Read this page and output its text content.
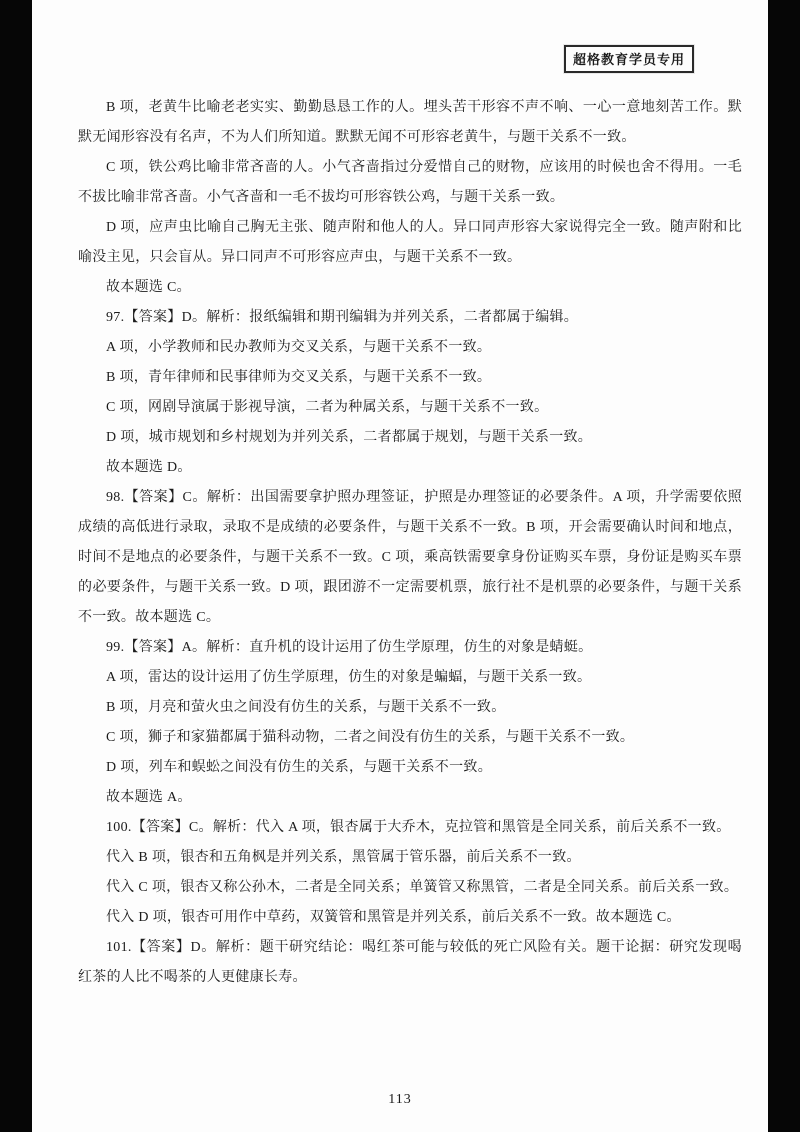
超格教育学员专用

B 项，老黄牛比喻老老实实、勤勤恳恳工作的人。埋头苦干形容不声不响、一心一意地刻苦工作。默默无闻形容没有名声，不为人们所知道。默默无闻不可形容老黄牛，与题干关系不一致。

C 项，铁公鸡比喻非常吝啬的人。小气吝啬指过分爱惜自己的财物，应该用的时候也舍不得用。一毛不拔比喻非常吝啬。小气吝啬和一毛不拔均可形容铁公鸡，与题干关系一致。

D 项，应声虫比喻自己胸无主张、随声附和他人的人。异口同声形容大家说得完全一致。随声附和比喻没主见，只会盲从。异口同声不可形容应声虫，与题干关系不一致。

故本题选 C。

97.【答案】D。解析：报纸编辑和期刊编辑为并列关系，二者都属于编辑。

A 项，小学教师和民办教师为交叉关系，与题干关系不一致。

B 项，青年律师和民事律师为交叉关系，与题干关系不一致。

C 项，网剧导演属于影视导演，二者为种属关系，与题干关系不一致。

D 项，城市规划和乡村规划为并列关系，二者都属于规划，与题干关系一致。

故本题选 D。

98.【答案】C。解析：出国需要拿护照办理签证，护照是办理签证的必要条件。A 项，升学需要依照成绩的高低进行录取，录取不是成绩的必要条件，与题干关系不一致。B 项，开会需要确认时间和地点，时间不是地点的必要条件，与题干关系不一致。C 项，乘高铁需要拿身份证购买车票，身份证是购买车票的必要条件，与题干关系一致。D 项，跟团游不一定需要机票，旅行社不是机票的必要条件，与题干关系不一致。故本题选 C。

99.【答案】A。解析：直升机的设计运用了仿生学原理，仿生的对象是蜻蜓。

A 项，雷达的设计运用了仿生学原理，仿生的对象是蝙蝠，与题干关系一致。

B 项，月亮和萤火虫之间没有仿生的关系，与题干关系不一致。

C 项，狮子和家猫都属于猫科动物，二者之间没有仿生的关系，与题干关系不一致。

D 项，列车和蜈蚣之间没有仿生的关系，与题干关系不一致。

故本题选 A。

100.【答案】C。解析：代入 A 项，银杏属于大乔木，克拉管和黑管是全同关系，前后关系不一致。

代入 B 项，银杏和五角枫是并列关系，黑管属于管乐器，前后关系不一致。

代入 C 项，银杏又称公孙木，二者是全同关系；单簧管又称黑管，二者是全同关系。前后关系一致。

代入 D 项，银杏可用作中草药，双簧管和黑管是并列关系，前后关系不一致。故本题选 C。

101.【答案】D。解析：题干研究结论：喝红茶可能与较低的死亡风险有关。题干论据：研究发现喝红茶的人比不喝茶的人更健康长寿。

113
